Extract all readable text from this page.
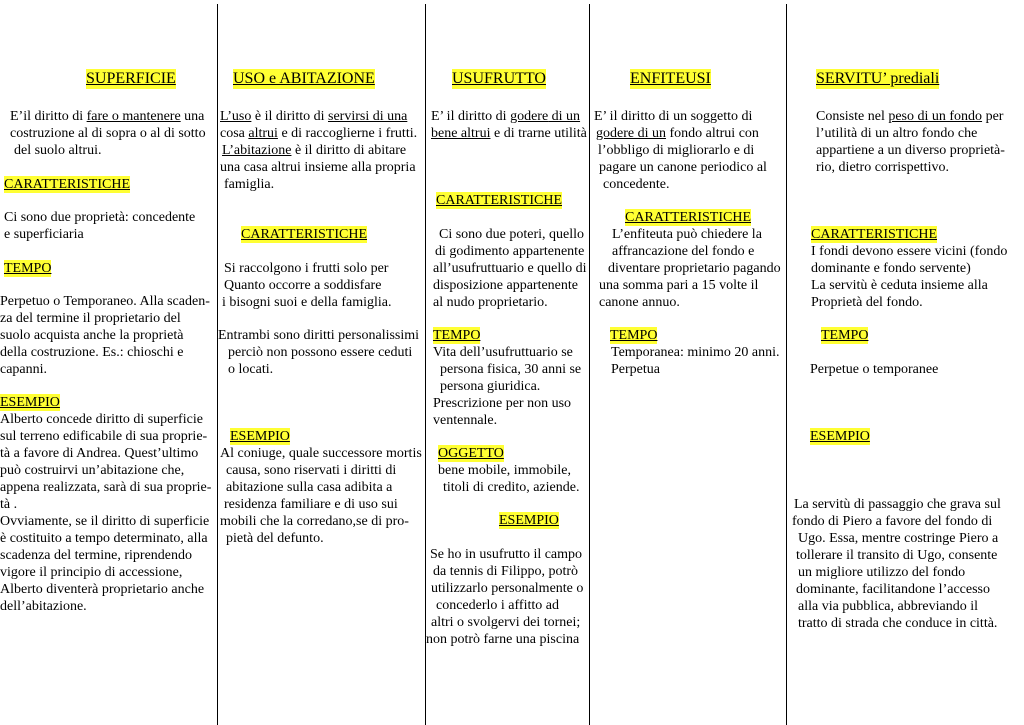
SUPERFICIE
E’il diritto di fare o mantenere una
costruzione al di sopra o al di sotto
del suolo altrui.
CARATTERISTICHE
Ci sono due proprietà: concedente
e superficiaria
TEMPO
Perpetuo o Temporaneo. Alla scaden-
za del termine il proprietario del
suolo acquista anche la proprietà
della costruzione. Es.: chioschi e
capanni.
ESEMPIO
Alberto concede diritto di superficie
sul terreno edificabile di sua proprie-
tà a favore di Andrea. Quest’ultimo
può costruirvi un’abitazione che,
appena realizzata, sarà di sua proprie-
tà .
Ovviamente, se il diritto di superficie
è costituito a tempo determinato, alla
scadenza del termine, riprendendo
vigore il principio di accessione,
Alberto diventerà proprietario anche
dell’abitazione.
USO e ABITAZIONE
L’uso è il diritto di servirsi di una
cosa altrui e di raccoglierne i frutti.
L’abitazione è il diritto di abitare
una casa altrui insieme alla propria
famiglia.
CARATTERISTICHE
Si raccolgono i frutti solo per
Quanto occorre a soddisfare
i bisogni suoi e della famiglia.
Entrambi sono diritti personalissimi
perciò non possono essere ceduti
o locati.
ESEMPIO
Al coniuge, quale successore mortis
causa, sono riservati i diritti di
abitazione sulla casa adibita a
residenza familiare e di uso sui
mobili che la corredano,se di pro-
pietà del defunto.
USUFRUTTO
E’ il diritto di godere di un
bene altrui e di trarne utilità
CARATTERISTICHE
Ci sono due poteri, quello
di godimento appartenente
all’usufruttuario e quello di
disposizione appartenente
al nudo proprietario.
TEMPO
Vita dell’usufruttuario se
persona fisica, 30 anni se
persona giuridica.
Prescrizione per non uso
ventennale.
OGGETTO
bene mobile, immobile,
titoli di credito, aziende.
ESEMPIO
Se ho in usufrutto il campo
da tennis di Filippo, potrò
utilizzarlo personalmente o
concederlo i affitto ad
altri o svolgervi dei tornei;
non potrò farne una piscina
ENFITEUSI
E’ il diritto di un soggetto di
godere di un fondo altrui con
l’obbligo di migliorarlo e di
pagare un canone periodico al
concedente.
CARATTERISTICHE
L’enfiteuta può chiedere la
affrancazione del fondo e
diventare proprietario pagando
una somma pari a 15 volte il
canone annuo.
TEMPO
Temporanea: minimo 20 anni.
Perpetua
SERVITU’ prediali
Consiste nel peso di un fondo per
l’utilità di un altro fondo che
appartiene a un diverso proprietà-
rio, dietro corrispettivo.
CARATTERISTICHE
I fondi devono essere vicini (fondo
dominante e fondo servente)
La servitù è ceduta insieme alla
Proprietà del fondo.
TEMPO
Perpetue o temporanee
ESEMPIO
La servitù di passaggio che grava sul
fondo di Piero a favore del fondo di
Ugo. Essa, mentre costringe Piero a
tollerare il transito di Ugo, consente
un migliore utilizzo del fondo
dominante, facilitandone l’accesso
alla via pubblica, abbreviando il
tratto di strada che conduce in città.
